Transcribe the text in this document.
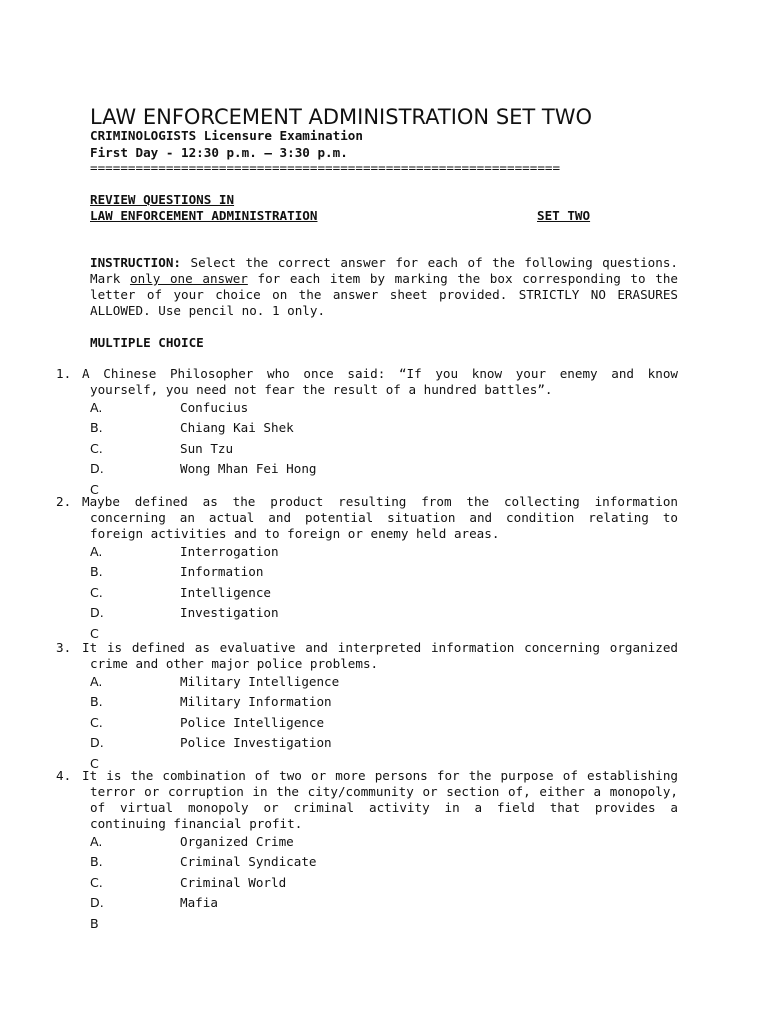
LAW ENFORCEMENT ADMINISTRATION SET TWO
CRIMINOLOGISTS Licensure Examination
First Day - 12:30 p.m. – 3:30 p.m.
==============================================================
REVIEW QUESTIONS IN
LAW ENFORCEMENT ADMINISTRATION	SET TWO
INSTRUCTION: Select the correct answer for each of the following questions. Mark only one answer for each item by marking the box corresponding to the letter of your choice on the answer sheet provided. STRICTLY NO ERASURES ALLOWED. Use pencil no. 1 only.
MULTIPLE CHOICE
1. A Chinese Philosopher who once said: “If you know your enemy and know yourself, you need not fear the result of a hundred battles”.
A.	Confucius
B.	Chiang Kai Shek
C.	Sun Tzu
D.	Wong Mhan Fei Hong
C
2. Maybe defined as the product resulting from the collecting information concerning an actual and potential situation and condition relating to foreign activities and to foreign or enemy held areas.
A.	Interrogation
B.	Information
C.	Intelligence
D.	Investigation
C
3. It is defined as evaluative and interpreted information concerning organized crime and other major police problems.
A.	Military Intelligence
B.	Military Information
C.	Police Intelligence
D.	Police Investigation
C
4. It is the combination of two or more persons for the purpose of establishing terror or corruption in the city/community or section of, either a monopoly, of virtual monopoly or criminal activity in a field that provides a continuing financial profit.
A.	Organized Crime
B.	Criminal Syndicate
C.	Criminal World
D.	Mafia
B
